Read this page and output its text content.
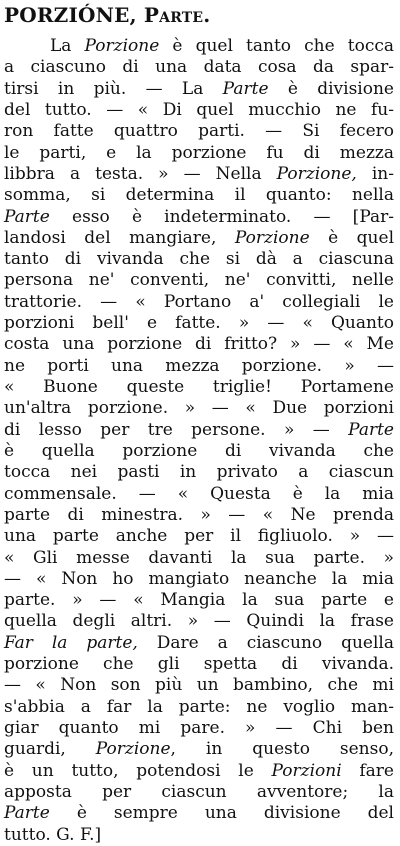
PORZIÓNE, Parte.
La Porzione è quel tanto che tocca
a ciascuno di una data cosa da spar-
tirsi in più. — La Parte è divisione
del tutto. — « Di quel mucchio ne fu-
ron fatte quattro parti. — Si fecero
le parti, e la porzione fu di mezza
libbra a testa. » — Nella Porzione, in-
somma, si determina il quanto: nella
Parte esso è indeterminato. — [Par-
landosi del mangiare, Porzione è quel
tanto di vivanda che si dà a ciascuna
persona ne' conventi, ne' convitti, nelle
trattorie. — « Portano a' collegiali le
porzioni bell' e fatte. » — « Quanto
costa una porzione di fritto? » — « Me
ne porti una mezza porzione. » —
« Buone queste triglie! Portamene
un'altra porzione. » — « Due porzioni
di lesso per tre persone. » — Parte
è quella porzione di vivanda che
tocca nei pasti in privato a ciascun
commensale. — « Questa è la mia
parte di minestra. » — « Ne prenda
una parte anche per il figliuolo. » —
« Gli messe davanti la sua parte. »
— « Non ho mangiato neanche la mia
parte. » — « Mangia la sua parte e
quella degli altri. » — Quindi la frase
Far la parte, Dare a ciascuno quella
porzione che gli spetta di vivanda.
— « Non son più un bambino, che mi
s'abbia a far la parte: ne voglio man-
giar quanto mi pare. » — Chi ben
guardi, Porzione, in questo senso,
è un tutto, potendosi le Porzioni fare
apposta per ciascun avventore; la
Parte è sempre una divisione del
tutto. G. F.]
